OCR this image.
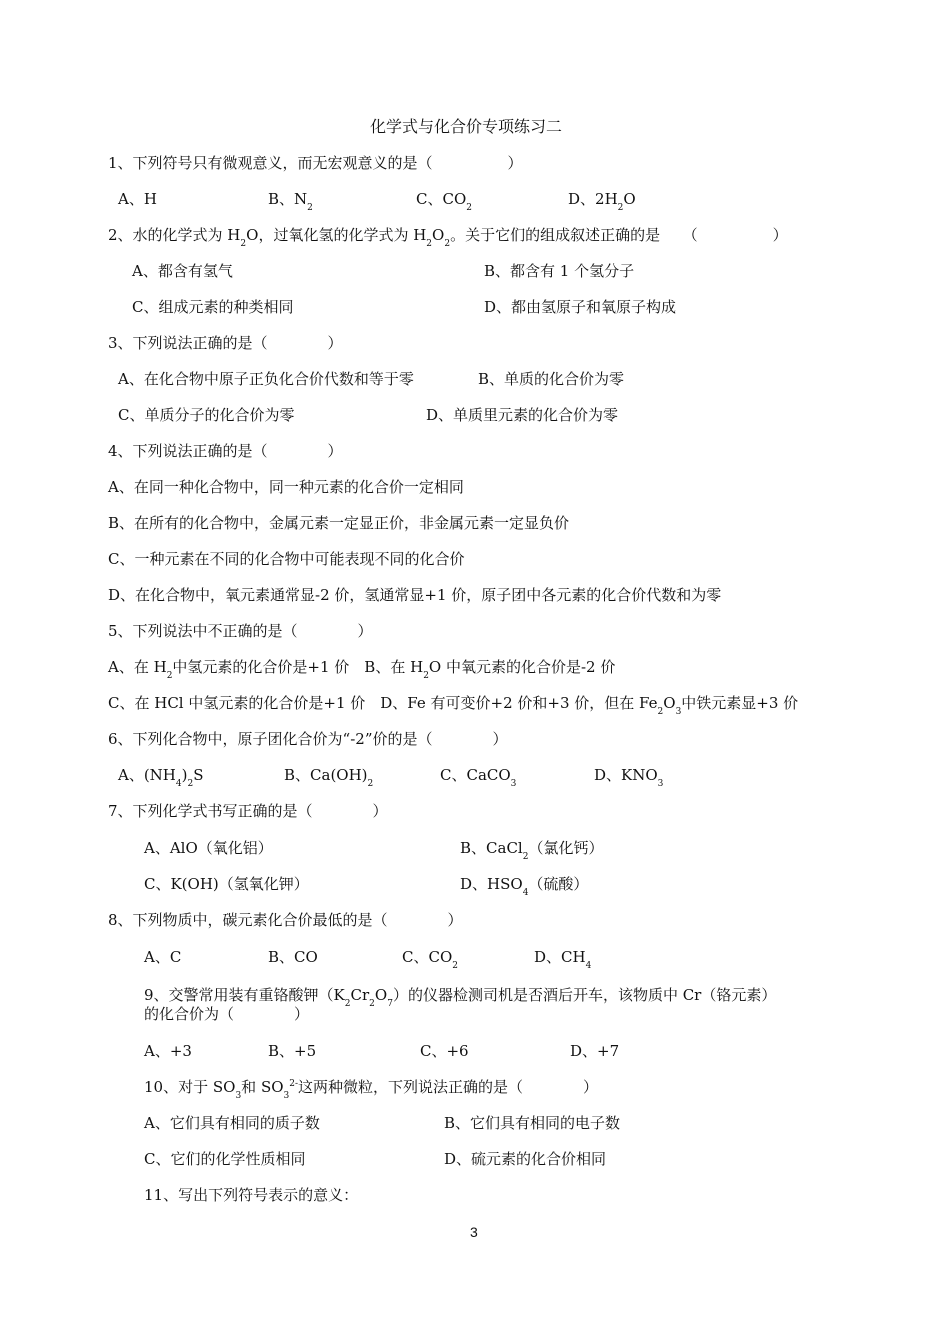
化学式与化合价专项练习二
1、下列符号只有微观意义，而无宏观意义的是（　　　　　）
A、H	B、$N_2$	C、$CO_2$	D、$2H_2O$
2、水的化学式为 $H_2O$，过氧化氢的化学式为 $H_2O_2$。关于它们的组成叙述正确的是　　（　　　　　）
A、都含有氢气	B、都含有 1 个氢分子
C、组成元素的种类相同	D、都由氢原子和氧原子构成
3、下列说法正确的是（　　　　）
A、在化合物中原子正负化合价代数和等于零	B、单质的化合价为零
C、单质分子的化合价为零	D、单质里元素的化合价为零
4、下列说法正确的是（　　　　）
A、在同一种化合物中，同一种元素的化合价一定相同
B、在所有的化合物中，金属元素一定显正价，非金属元素一定显负价
C、一种元素在不同的化合物中可能表现不同的化合价
D、在化合物中，氧元素通常显-2 价，氢通常显+1 价，原子团中各元素的化合价代数和为零
5、下列说法中不正确的是（　　　　）
A、在 $H_2$中氢元素的化合价是+1 价　B、在 $H_2O$ 中氧元素的化合价是-2 价
C、在 HCl 中氢元素的化合价是+1 价　D、Fe 有可变价+2 价和+3 价，但在 $Fe_2O_3$中铁元素显+3 价
6、下列化合物中，原子团化合价为“-2”价的是（　　　　）
A、$(NH_4)_2S$	B、$Ca(OH)_2$	C、CaCO$_3$	D、$KNO_3$
7、下列化学式书写正确的是（　　　　）
A、AlO（氧化铝）	B、CaCl$_2$（氯化钙）
C、K(OH)（氢氧化钾）	D、$HSO_4$（硫酸）
8、下列物质中，碳元素化合价最低的是（　　　　）
A、C	B、CO	C、$CO_2$	D、$CH_4$
9、交警常用装有重铬酸钾$(K_2Cr_2O_7)$的仪器检测司机是否酒后开车，该物质中 Cr（铬元素）
的化合价为（　　　　）
A、+3	B、+5	C、+6	D、+7
10、对于 $SO_3$和 $SO_3^{2-}$这两种微粒，下列说法正确的是（　　　　）
A、它们具有相同的质子数	B、它们具有相同的电子数
C、它们的化学性质相同	D、硫元素的化合价相同
11、写出下列符号表示的意义：
3
